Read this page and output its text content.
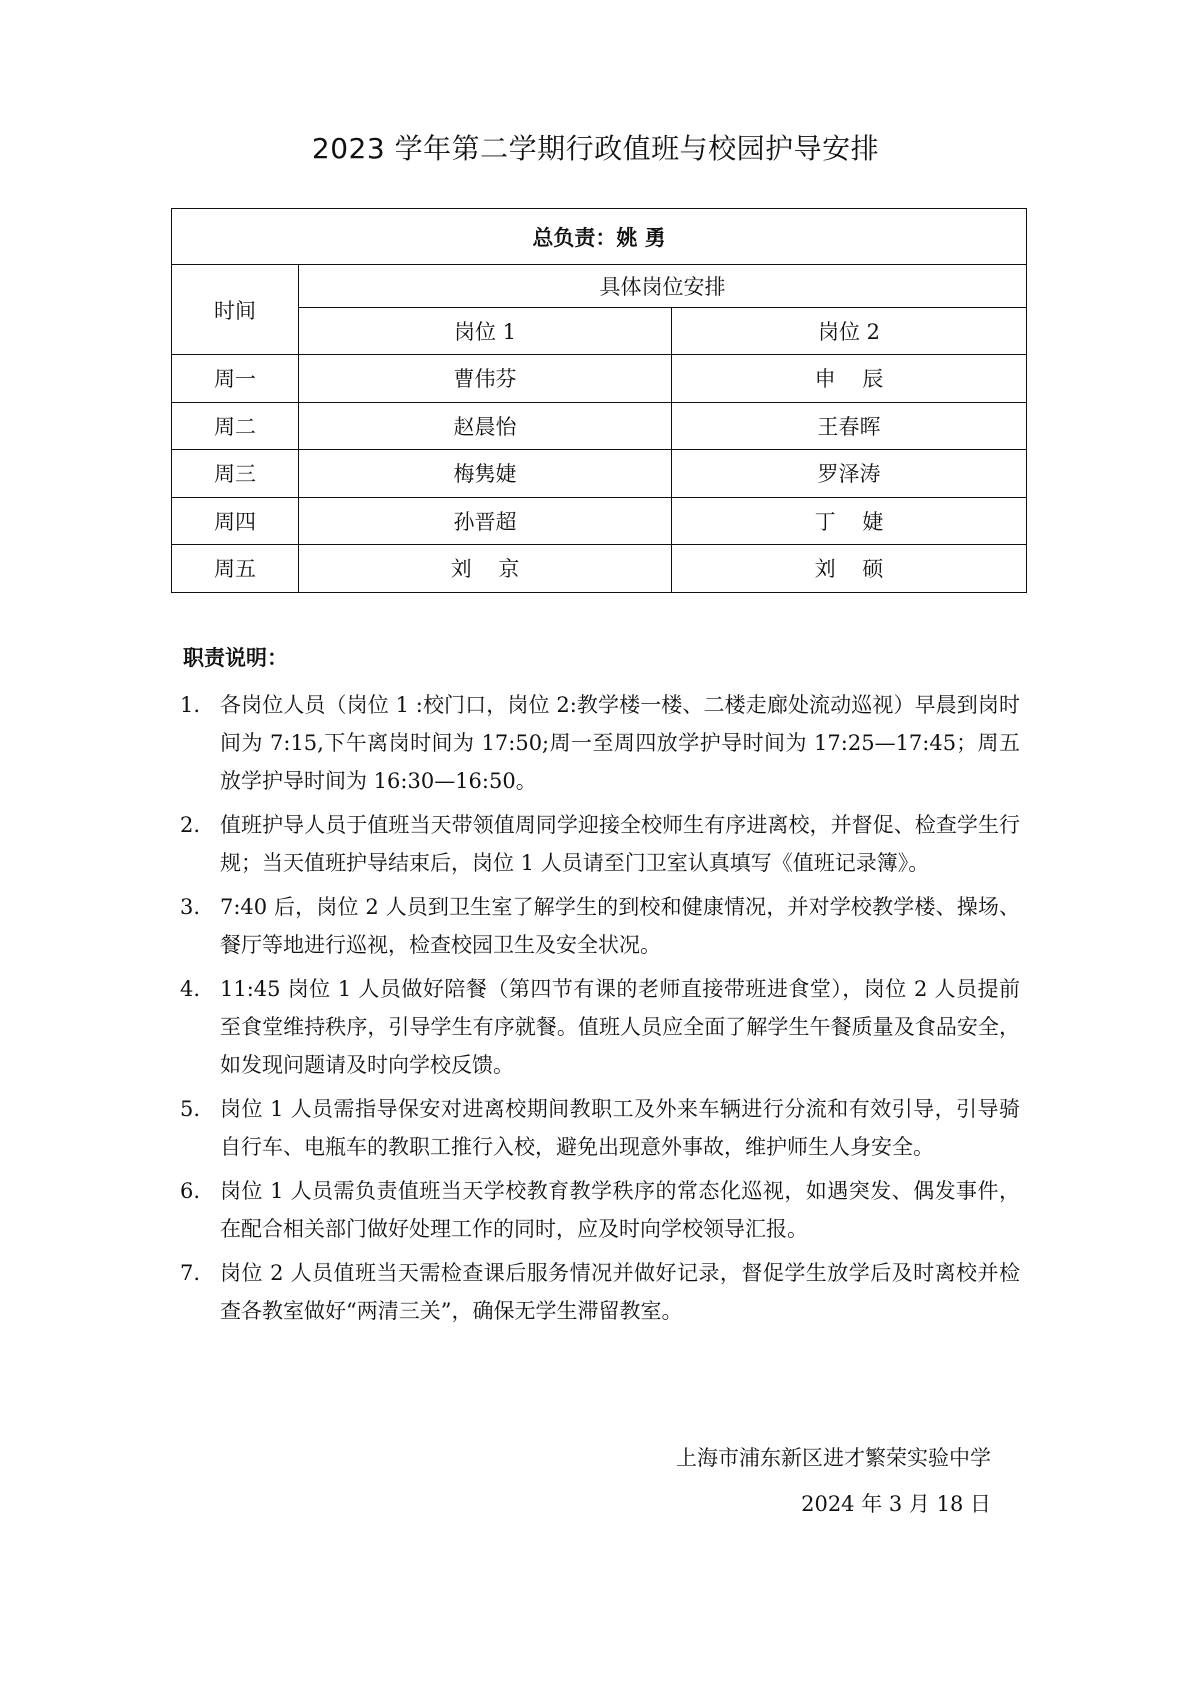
2023 学年第二学期行政值班与校园护导安排
总负责：姚 勇		
时间	具体岗位安排	
	岗位 1	岗位 2
周一	曹伟芬	申    辰
周二	赵晨怡	王春晖
周三	梅隽婕	罗泽涛
周四	孙晋超	丁    婕
周五	刘    京	刘    硕
职责说明：
1. 各岗位人员（岗位 1 :校门口，岗位 2:教学楼一楼、二楼走廊处流动巡视）早晨到岗时间为 7:15,下午离岗时间为 17:50;周一至周四放学护导时间为 17:25—17:45；周五放学护导时间为 16:30—16:50。
2. 值班护导人员于值班当天带领值周同学迎接全校师生有序进离校，并督促、检查学生行规；当天值班护导结束后，岗位 1 人员请至门卫室认真填写《值班记录簿》。
3. 7:40 后，岗位 2 人员到卫生室了解学生的到校和健康情况，并对学校教学楼、操场、餐厅等地进行巡视，检查校园卫生及安全状况。
4. 11:45 岗位 1 人员做好陪餐（第四节有课的老师直接带班进食堂），岗位 2 人员提前至食堂维持秩序，引导学生有序就餐。值班人员应全面了解学生午餐质量及食品安全，如发现问题请及时向学校反馈。
5. 岗位 1 人员需指导保安对进离校期间教职工及外来车辆进行分流和有效引导，引导骑自行车、电瓶车的教职工推行入校，避免出现意外事故，维护师生人身安全。
6. 岗位 1 人员需负责值班当天学校教育教学秩序的常态化巡视，如遇突发、偶发事件，在配合相关部门做好处理工作的同时，应及时向学校领导汇报。
7. 岗位 2 人员值班当天需检查课后服务情况并做好记录，督促学生放学后及时离校并检查各教室做好“两清三关”，确保无学生滞留教室。
上海市浦东新区进才繁荣实验中学
2024 年 3 月 18 日
